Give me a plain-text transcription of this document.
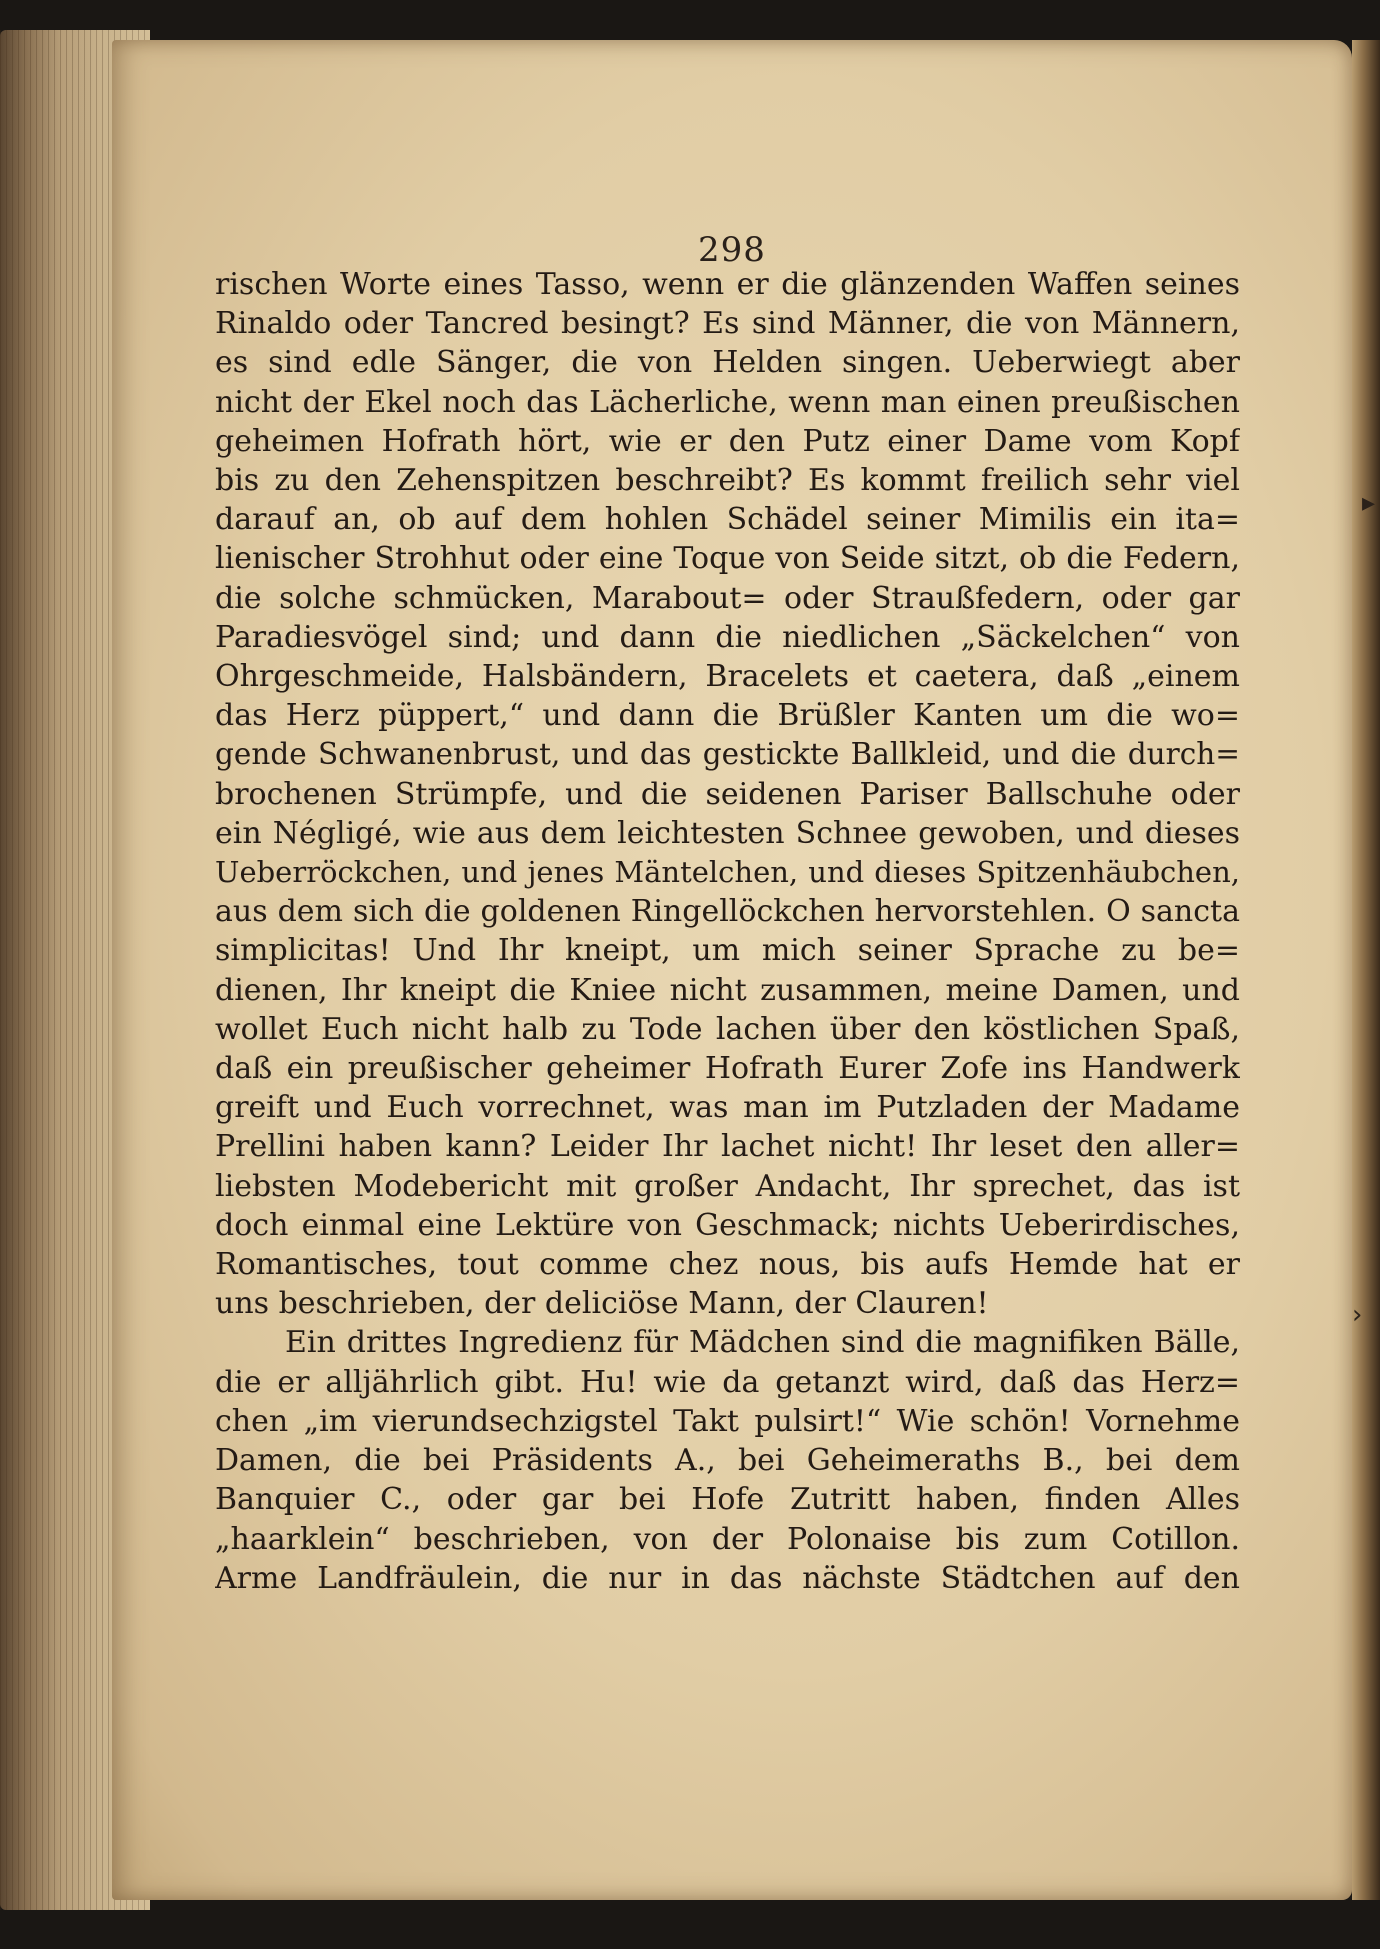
298
rischen Worte eines Tasso, wenn er die glänzenden Waffen seines
Rinaldo oder Tancred besingt? Es sind Männer, die von Männern,
es sind edle Sänger, die von Helden singen. Ueberwiegt aber
nicht der Ekel noch das Lächerliche, wenn man einen preußischen
geheimen Hofrath hört, wie er den Putz einer Dame vom Kopf
bis zu den Zehenspitzen beschreibt? Es kommt freilich sehr viel
darauf an, ob auf dem hohlen Schädel seiner Mimilis ein ita=
lienischer Strohhut oder eine Toque von Seide sitzt, ob die Federn,
die solche schmücken, Marabout= oder Straußfedern, oder gar
Paradiesvögel sind; und dann die niedlichen „Säckelchen“ von
Ohrgeschmeide, Halsbändern, Bracelets et caetera, daß „einem
das Herz püppert,“ und dann die Brüßler Kanten um die wo=
gende Schwanenbrust, und das gestickte Ballkleid, und die durch=
brochenen Strümpfe, und die seidenen Pariser Ballschuhe oder
ein Négligé, wie aus dem leichtesten Schnee gewoben, und dieses
Ueberröckchen, und jenes Mäntelchen, und dieses Spitzenhäubchen,
aus dem sich die goldenen Ringellöckchen hervorstehlen. O sancta
simplicitas! Und Ihr kneipt, um mich seiner Sprache zu be=
dienen, Ihr kneipt die Kniee nicht zusammen, meine Damen, und
wollet Euch nicht halb zu Tode lachen über den köstlichen Spaß,
daß ein preußischer geheimer Hofrath Eurer Zofe ins Handwerk
greift und Euch vorrechnet, was man im Putzladen der Madame
Prellini haben kann? Leider Ihr lachet nicht! Ihr leset den aller=
liebsten Modebericht mit großer Andacht, Ihr sprechet, das ist
doch einmal eine Lektüre von Geschmack; nichts Ueberirdisches,
Romantisches, tout comme chez nous, bis aufs Hemde hat er
uns beschrieben, der deliciöse Mann, der Clauren!
Ein drittes Ingredienz für Mädchen sind die magnifiken Bälle,
die er alljährlich gibt. Hu! wie da getanzt wird, daß das Herz=
chen „im vierundsechzigstel Takt pulsirt!“ Wie schön! Vornehme
Damen, die bei Präsidents A., bei Geheimeraths B., bei dem
Banquier C., oder gar bei Hofe Zutritt haben, finden Alles
„haarklein“ beschrieben, von der Polonaise bis zum Cotillon.
Arme Landfräulein, die nur in das nächste Städtchen auf den
▸
›
